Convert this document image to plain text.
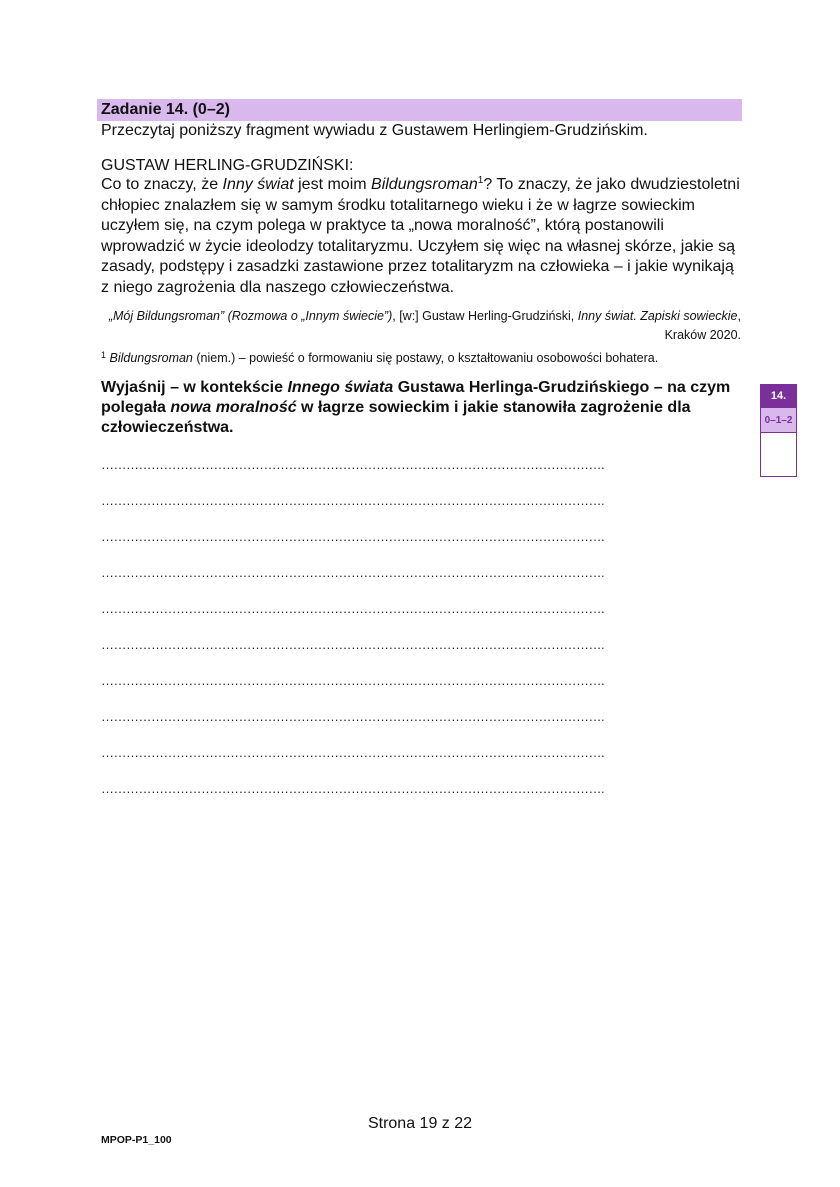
Zadanie 14. (0–2)
Przeczytaj poniższy fragment wywiadu z Gustawem Herlingiem-Grudzińskim.
GUSTAW HERLING-GRUDZIŃSKI:
Co to znaczy, że Inny świat jest moim Bildungsroman$^1$? To znaczy, że jako dwudziestoletni chłopiec znalazłem się w samym środku totalitarnego wieku i że w łagrze sowieckim uczyłem się, na czym polega w praktyce ta „nowa moralność”, którą postanowili wprowadzić w życie ideolodzy totalitaryzmu. Uczyłem się więc na własnej skórze, jakie są zasady, podstępy i zasadzki zastawione przez totalitaryzm na człowieka – i jakie wynikają z niego zagrożenia dla naszego człowieczeństwa.
„Mój Bildungsroman” (Rozmowa o „Innym świecie”), [w:] Gustaw Herling-Grudziński, Inny świat. Zapiski sowieckie, Kraków 2020.
$^1$ Bildungsroman (niem.) – powieść o formowaniu się postawy, o kształtowaniu osobowości bohatera.
Wyjaśnij – w kontekście Innego świata Gustawa Herlinga-Grudzińskiego – na czym polegała nowa moralność w łagrze sowieckim i jakie stanowiła zagrożenie dla człowieczeństwa.
………………………………………………………………………………………………………….
………………………………………………………………………………………………………….
………………………………………………………………………………………………………….
………………………………………………………………………………………………………….
………………………………………………………………………………………………………….
………………………………………………………………………………………………………….
………………………………………………………………………………………………………….
………………………………………………………………………………………………………….
………………………………………………………………………………………………………….
………………………………………………………………………………………………………….
14.
0–1–2
Strona 19 z 22
MPOP-P1_100
